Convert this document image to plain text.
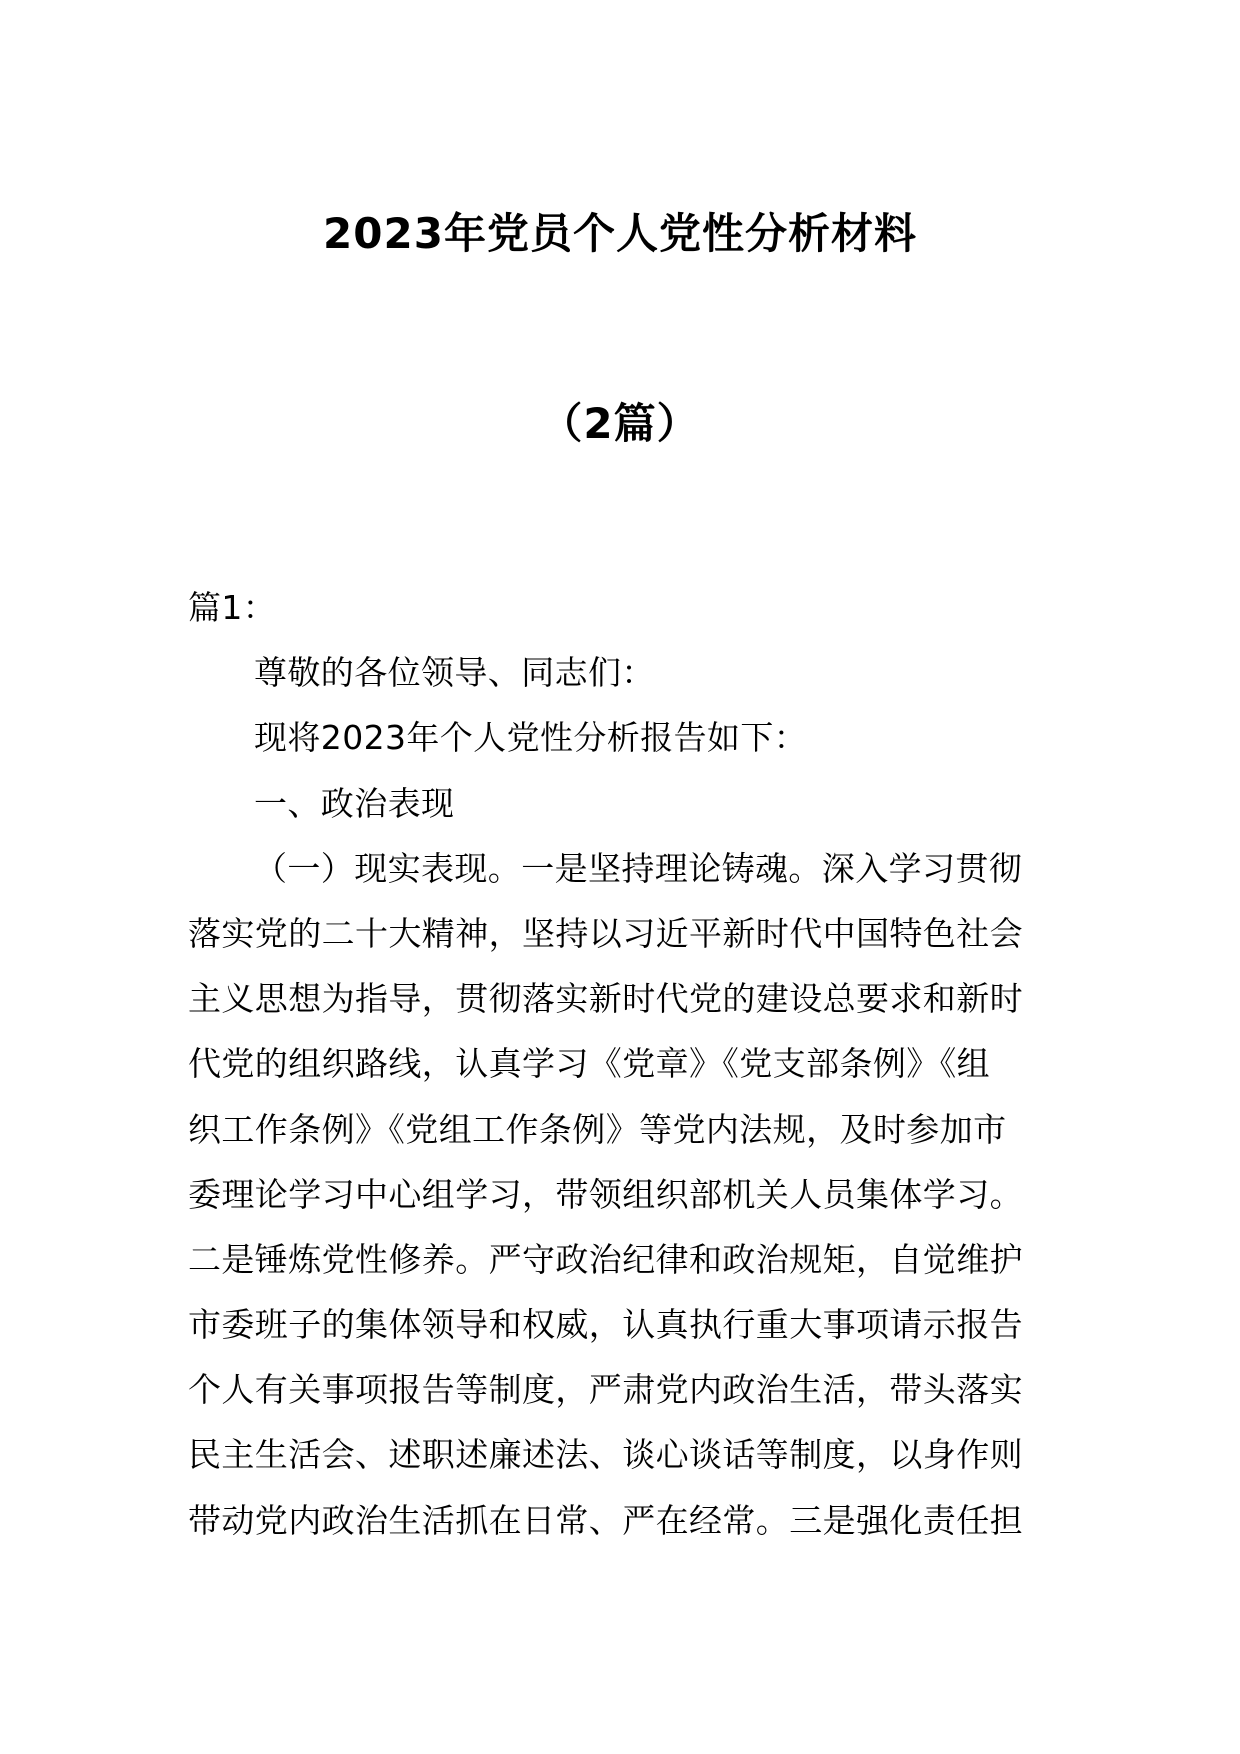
2023年党员个人党性分析材料
（2篇）
篇1：
尊敬的各位领导、同志们：
现将2023年个人党性分析报告如下：
一、政治表现
（一）现实表现。一是坚持理论铸魂。深入学习贯彻
落实党的二十大精神，坚持以习近平新时代中国特色社会
主义思想为指导，贯彻落实新时代党的建设总要求和新时
代党的组织路线，认真学习《党章》《党支部条例》《组
织工作条例》《党组工作条例》等党内法规，及时参加市
委理论学习中心组学习，带领组织部机关人员集体学习。
二是锤炼党性修养。严守政治纪律和政治规矩，自觉维护
市委班子的集体领导和权威，认真执行重大事项请示报告
个人有关事项报告等制度，严肃党内政治生活，带头落实
民主生活会、述职述廉述法、谈心谈话等制度，以身作则
带动党内政治生活抓在日常、严在经常。三是强化责任担
